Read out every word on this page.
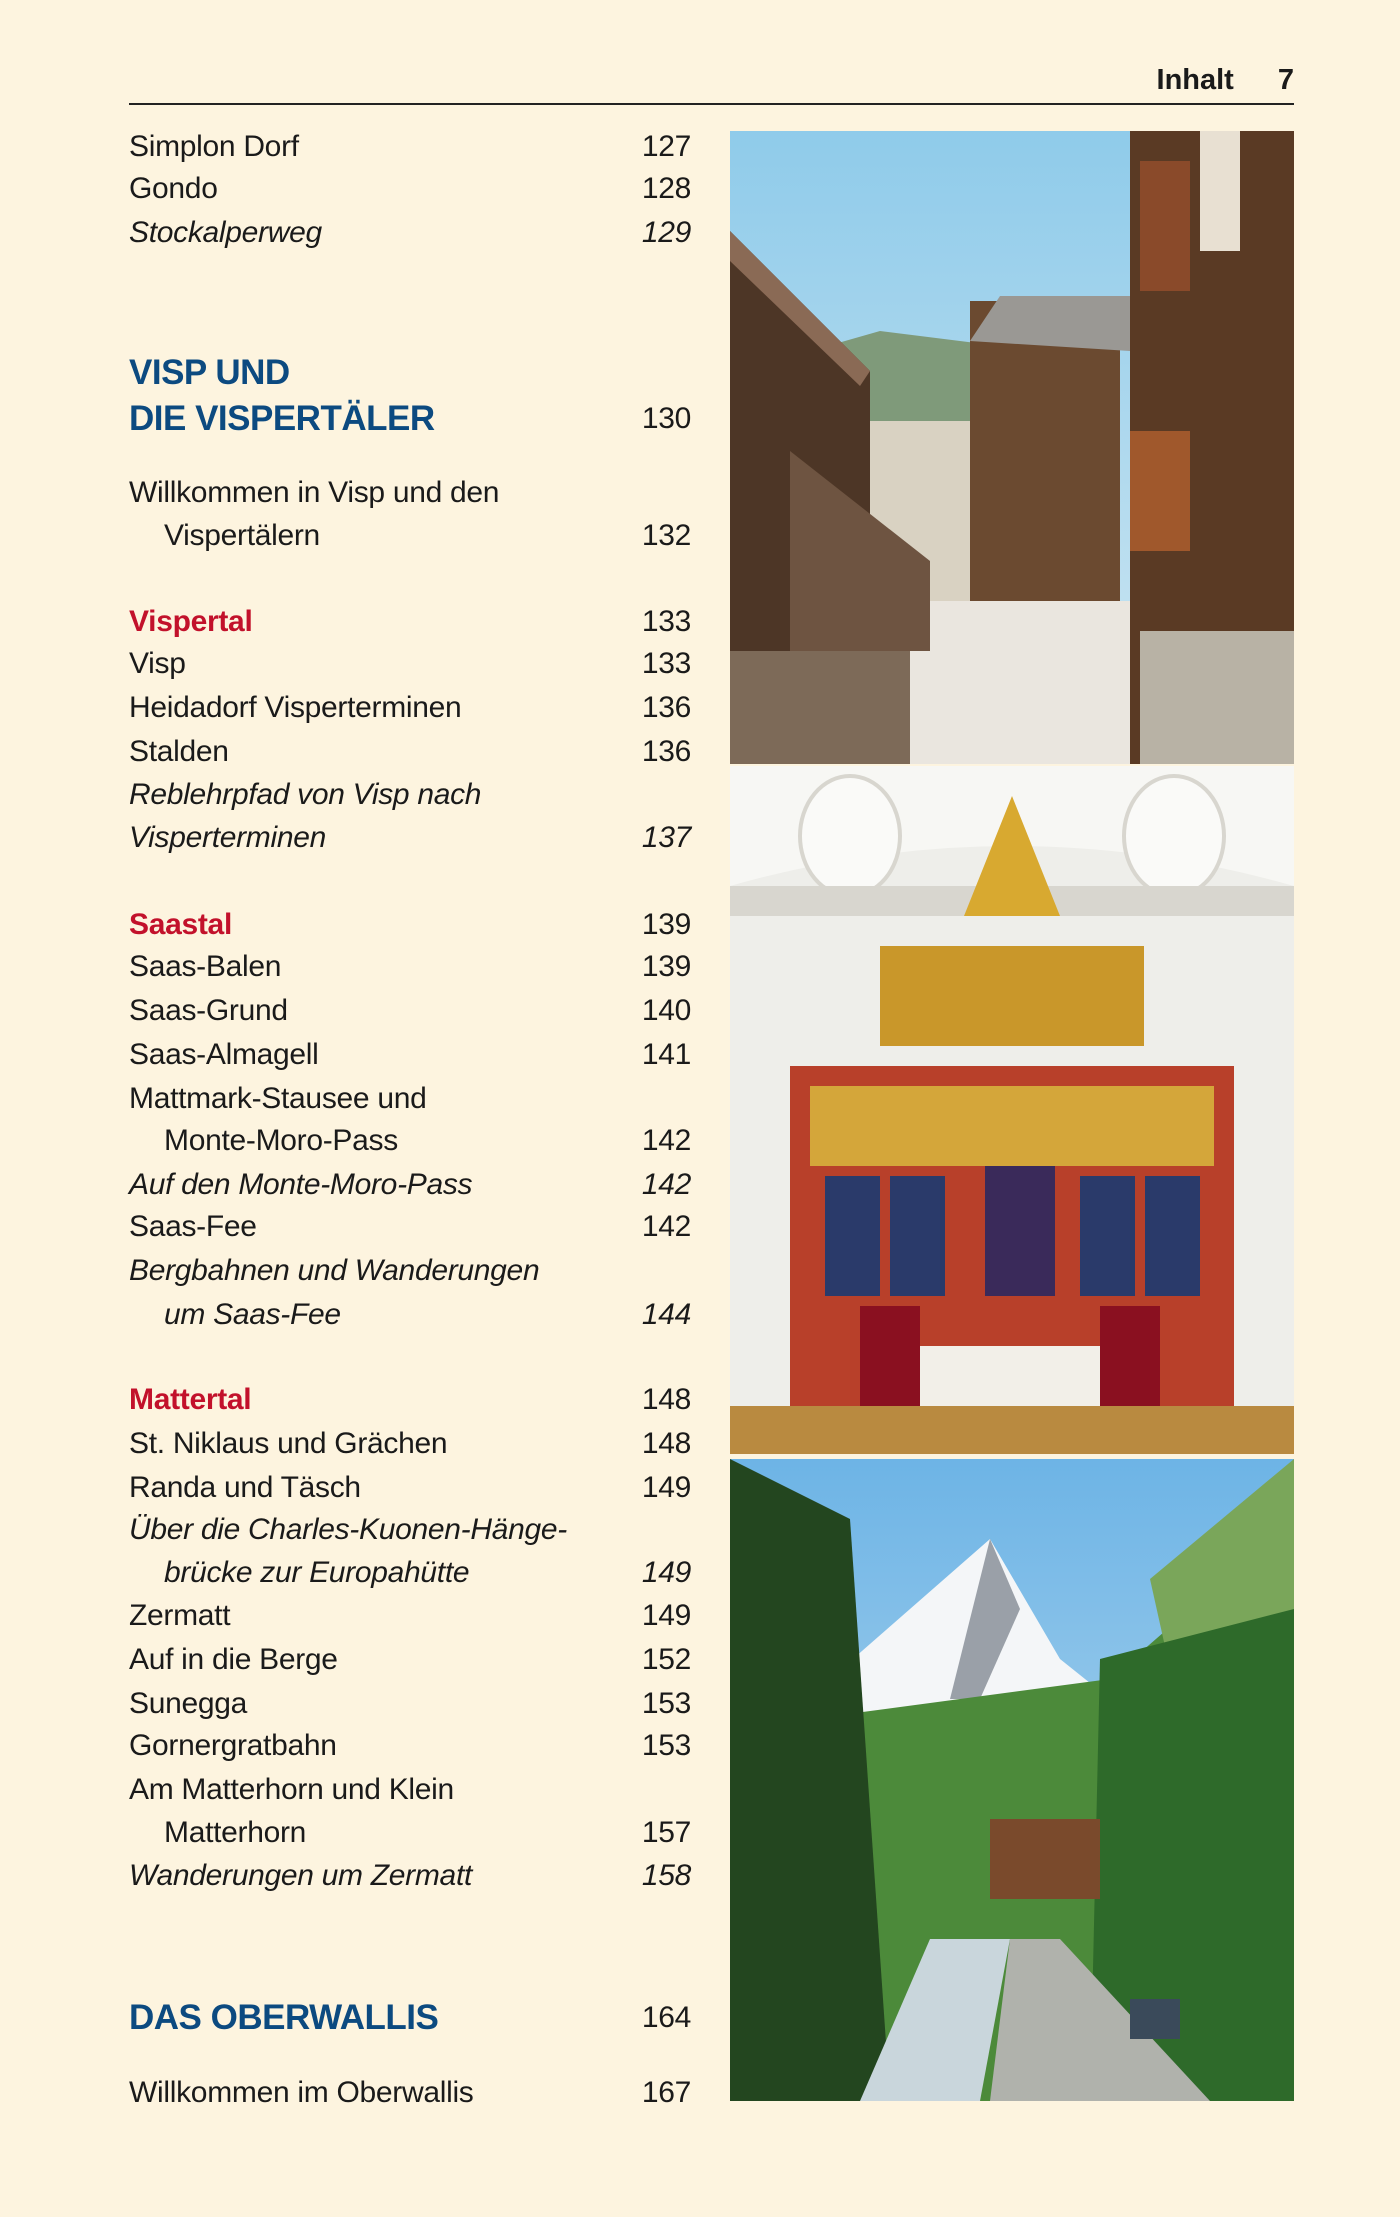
Inhalt 7
Simplon Dorf	127
Gondo	128
Stockalperweg	129
VISP UND
DIE VISPERTÄLER	130
Willkommen in Visp und den
Vispertälern	132
Vispertal	133
Visp	133
Heidadorf Visperterminen	136
Stalden	136
Reblehrpfad von Visp nach
Visperterminen	137
Saastal	139
Saas-Balen	139
Saas-Grund	140
Saas-Almagell	141
Mattmark-Stausee und
Monte-Moro-Pass	142
Auf den Monte-Moro-Pass	142
Saas-Fee	142
Bergbahnen und Wanderungen
um Saas-Fee	144
Mattertal	148
St. Niklaus und Grächen	148
Randa und Täsch	149
Über die Charles-Kuonen-Hänge-
brücke zur Europahütte	149
Zermatt	149
Auf in die Berge	152
Sunegga	153
Gornergratbahn	153
Am Matterhorn und Klein
Matterhorn	157
Wanderungen um Zermatt	158
DAS OBERWALLIS	164
Willkommen im Oberwallis	167
